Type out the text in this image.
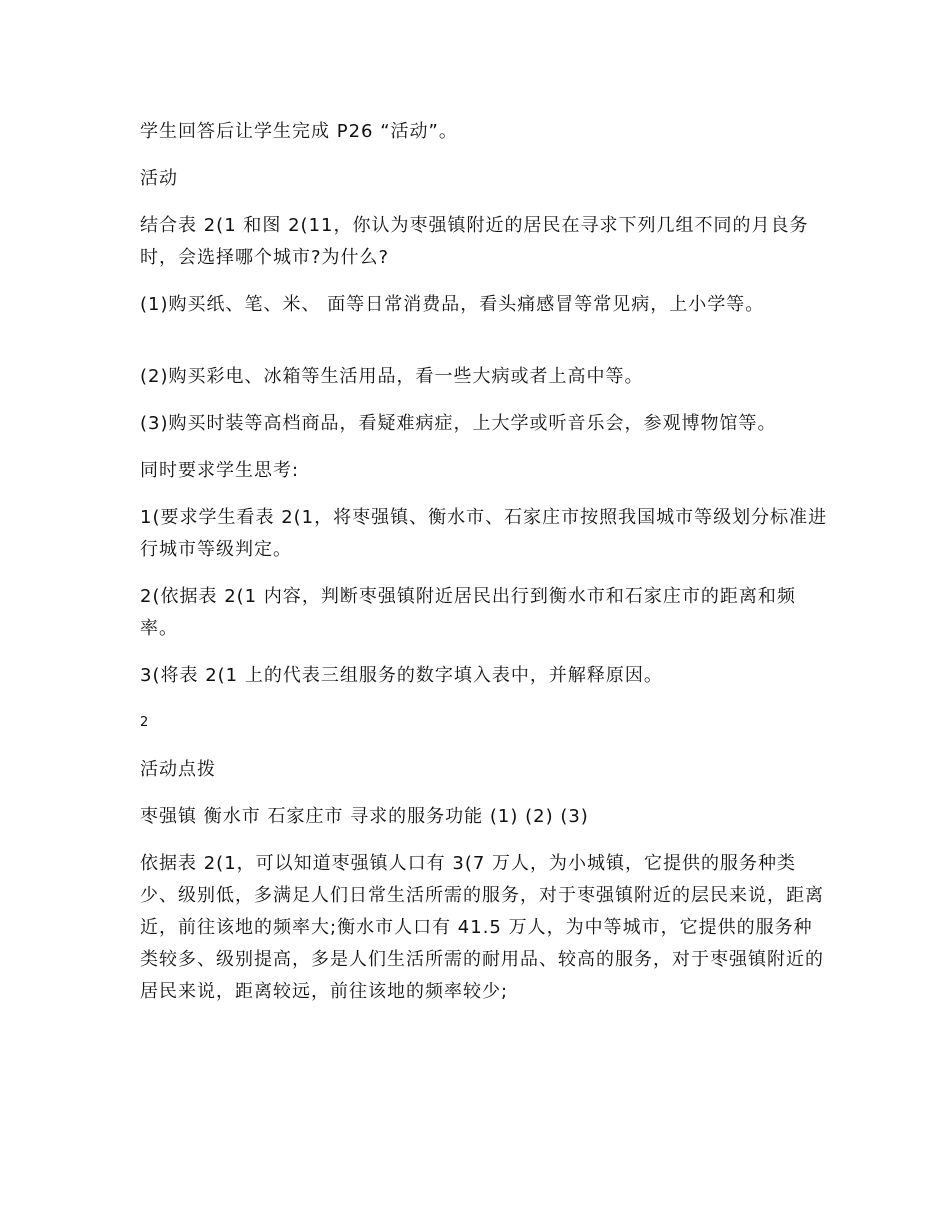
学生回答后让学生完成 P26 “活动”。

活动

结合表 2(1 和图 2(11，你认为枣强镇附近的居民在寻求下列几组不同的月良务时，会选择哪个城市?为什么?

(1)购买纸、笔、米、 面等日常消费品，看头痛感冒等常见病，上小学等。

(2)购买彩电、冰箱等生活用品，看一些大病或者上高中等。

(3)购买时装等高档商品，看疑难病症，上大学或听音乐会，参观博物馆等。

同时要求学生思考:

1(要求学生看表 2(1，将枣强镇、衡水市、石家庄市按照我国城市等级划分标准进行城市等级判定。

2(依据表 2(1 内容，判断枣强镇附近居民出行到衡水市和石家庄市的距离和频率。

3(将表 2(1 上的代表三组服务的数字填入表中，并解释原因。

2

活动点拨

枣强镇 衡水市 石家庄市 寻求的服务功能 (1) (2) (3)

依据表 2(1，可以知道枣强镇人口有 3(7 万人，为小城镇，它提供的服务种类少、级别低，多满足人们日常生活所需的服务，对于枣强镇附近的层民来说，距离近，前往该地的频率大;衡水市人口有 41.5 万人，为中等城市，它提供的服务种类较多、级别提高，多是人们生活所需的耐用品、较高的服务，对于枣强镇附近的居民来说，距离较远，前往该地的频率较少;
